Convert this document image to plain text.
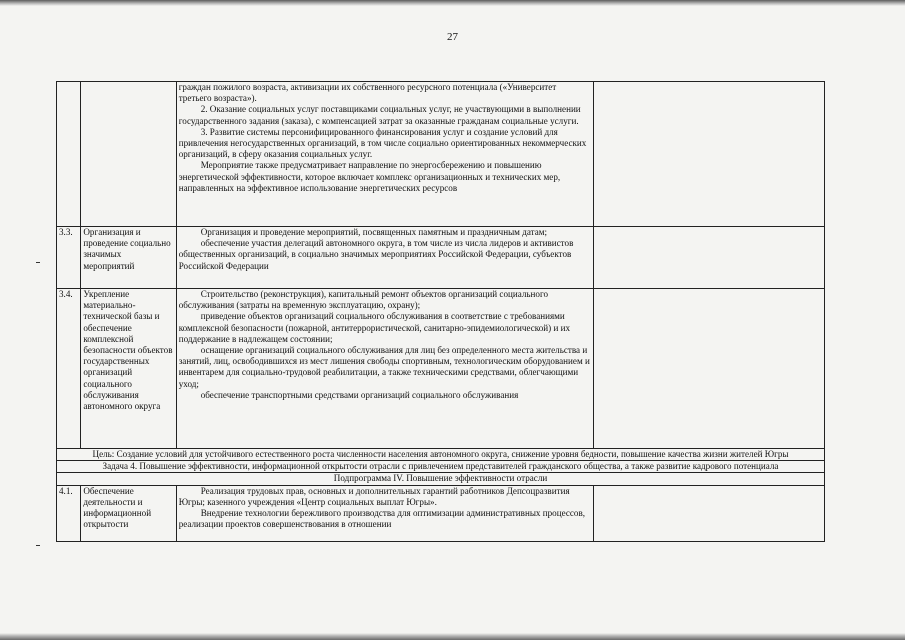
27

		граждан пожилого возраста, активизации их собственного ресурсного потенциала («Университет третьего возраста»).

2. Оказание социальных услуг поставщиками социальных услуг, не участвующими в выполнении государственного задания (заказа), с компенсацией затрат за оказанные гражданам социальные услуги.

3. Развитие системы персонифицированного финансирования услуг и создание условий для привлечения негосударственных организаций, в том числе социально ориентированных некоммерческих организаций, в сферу оказания социальных услуг.

Мероприятие также предусматривает направление по энергосбережению и повышению энергетической эффективности, которое включает комплекс организационных и технических мер, направленных на эффективное использование энергетических ресурсов	

3.3.	Организация и проведение социально значимых мероприятий	Организация и проведение мероприятий, посвященных памятным и праздничным датам;

обеспечение участия делегаций автономного округа, в том числе из числа лидеров и активистов общественных организаций, в социально значимых мероприятиях Российской Федерации, субъектов Российской Федерации	

3.4.	Укрепление материально-технической базы и обеспечение комплексной безопасности объектов государственных организаций социального обслуживания автономного округа	Строительство (реконструкция), капитальный ремонт объектов организаций социального обслуживания (затраты на временную эксплуатацию, охрану);

приведение объектов организаций социального обслуживания в соответствие с требованиями комплексной безопасности (пожарной, антитеррористической, санитарно-эпидемиологической) и их поддержание в надлежащем состоянии;

оснащение организаций социального обслуживания для лиц без определенного места жительства и занятий, лиц, освободившихся из мест лишения свободы спортивным, технологическим оборудованием и инвентарем для социально-трудовой реабилитации, а также техническими средствами, облегчающими уход;

обеспечение транспортными средствами организаций социального обслуживания	

Цель: Создание условий для устойчивого естественного роста численности населения автономного округа, снижение уровня бедности, повышение качества жизни жителей Югры			
Задача 4. Повышение эффективности, информационной открытости отрасли с привлечением представителей гражданского общества, а также развитие кадрового потенциала			
Подпрограмма IV. Повышение эффективности отрасли			
4.1.	Обеспечение деятельности и информационной открытости	Реализация трудовых прав, основных и дополнительных гарантий работников Депсоцразвития Югры; казенного учреждения «Центр социальных выплат Югры».

Внедрение технологии бережливого производства для оптимизации административных процессов, реализации проектов совершенствования в отношении	
